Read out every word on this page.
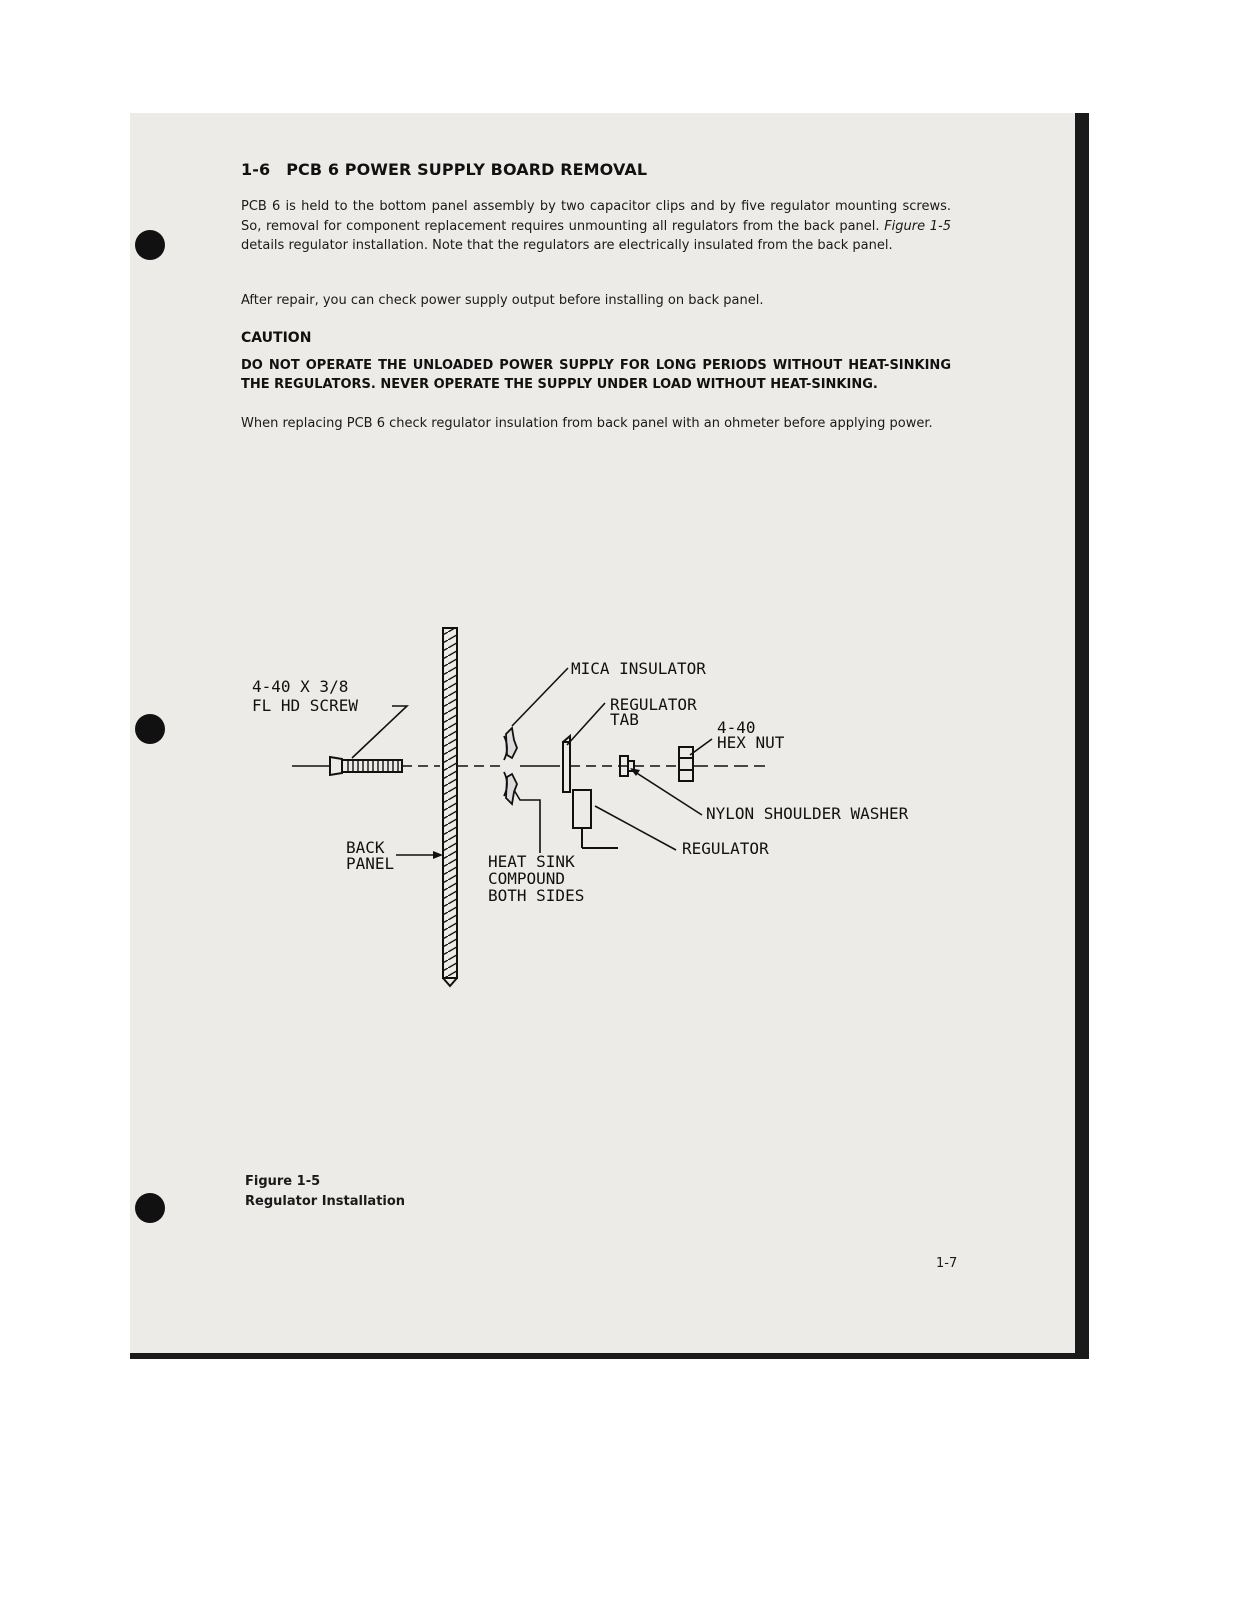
1-6 PCB 6 POWER SUPPLY BOARD REMOVAL

PCB 6 is held to the bottom panel assembly by two capacitor clips and by five regulator mounting screws. So, removal for component replacement requires unmounting all regulators from the back panel. Figure 1-5 details regulator installation. Note that the regulators are electrically insulated from the back panel.

After repair, you can check power supply output before installing on back panel.

CAUTION

DO NOT OPERATE THE UNLOADED POWER SUPPLY FOR LONG PERIODS WITHOUT HEAT-SINKING THE REGULATORS. NEVER OPERATE THE SUPPLY UNDER LOAD WITHOUT HEAT-SINKING.

When replacing PCB 6 check regulator insulation from back panel with an ohmeter before applying power.

4-40 X 3/8
FL HD SCREW
MICA INSULATOR
REGULATOR
TAB	4-40
HEX NUT
NYLON SHOULDER WASHER
BACK
PANEL	HEAT SINK
COMPOUND
BOTH SIDES
REGULATOR
Figure 1-5
Regulator Installation
1-7
